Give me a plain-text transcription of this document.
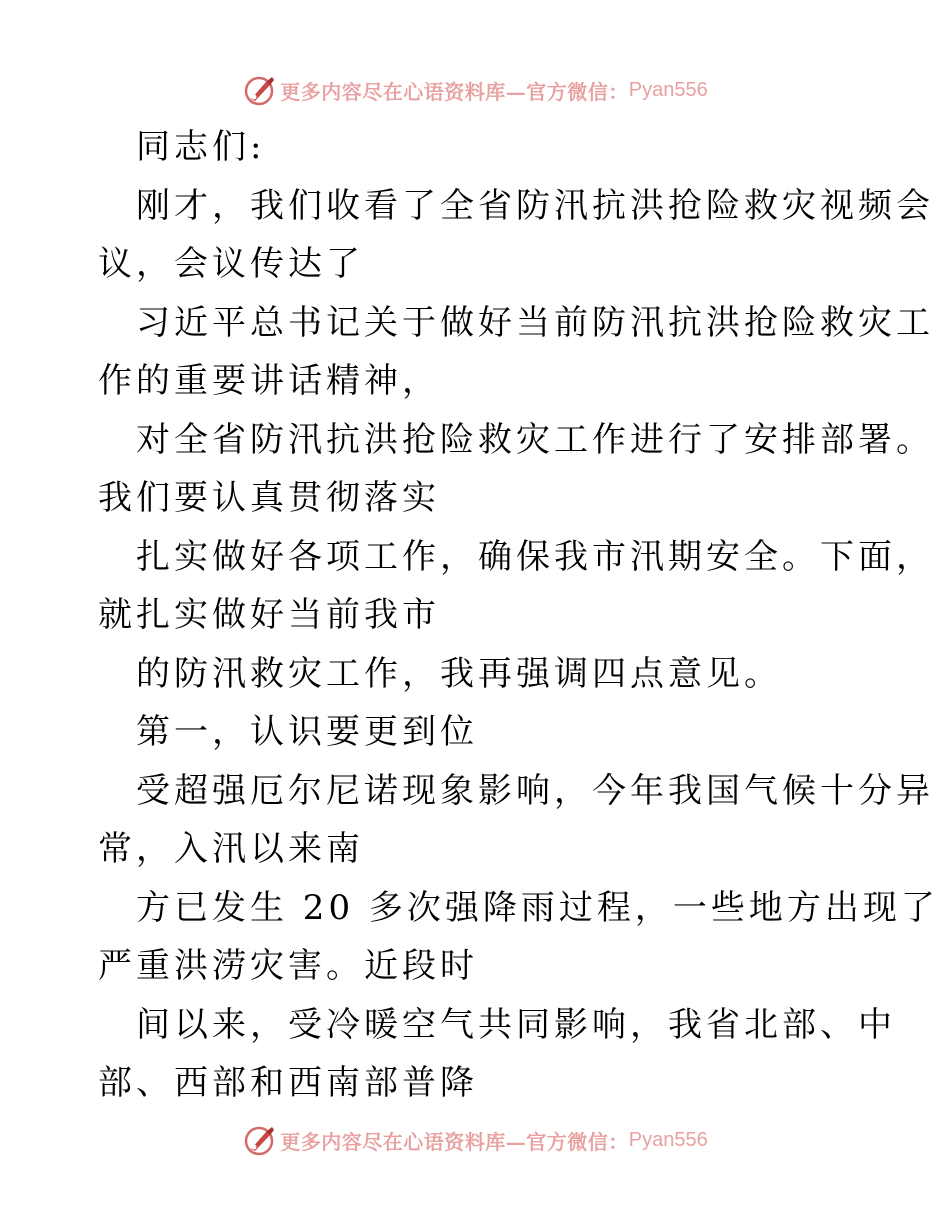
更多内容尽在心语资料库—官方微信： Pyan556
同志们:
刚才，我们收看了全省防汛抗洪抢险救灾视频会
议，会议传达了
习近平总书记关于做好当前防汛抗洪抢险救灾工
作的重要讲话精神，
对全省防汛抗洪抢险救灾工作进行了安排部署。
我们要认真贯彻落实
扎实做好各项工作，确保我市汛期安全。下面，
就扎实做好当前我市
的防汛救灾工作，我再强调四点意见。
第一，认识要更到位
受超强厄尔尼诺现象影响，今年我国气候十分异
常，入汛以来南
方已发生 20 多次强降雨过程，一些地方出现了
严重洪涝灾害。近段时
间以来，受冷暖空气共同影响，我省北部、中
部、西部和西南部普降
更多内容尽在心语资料库—官方微信： Pyan556
